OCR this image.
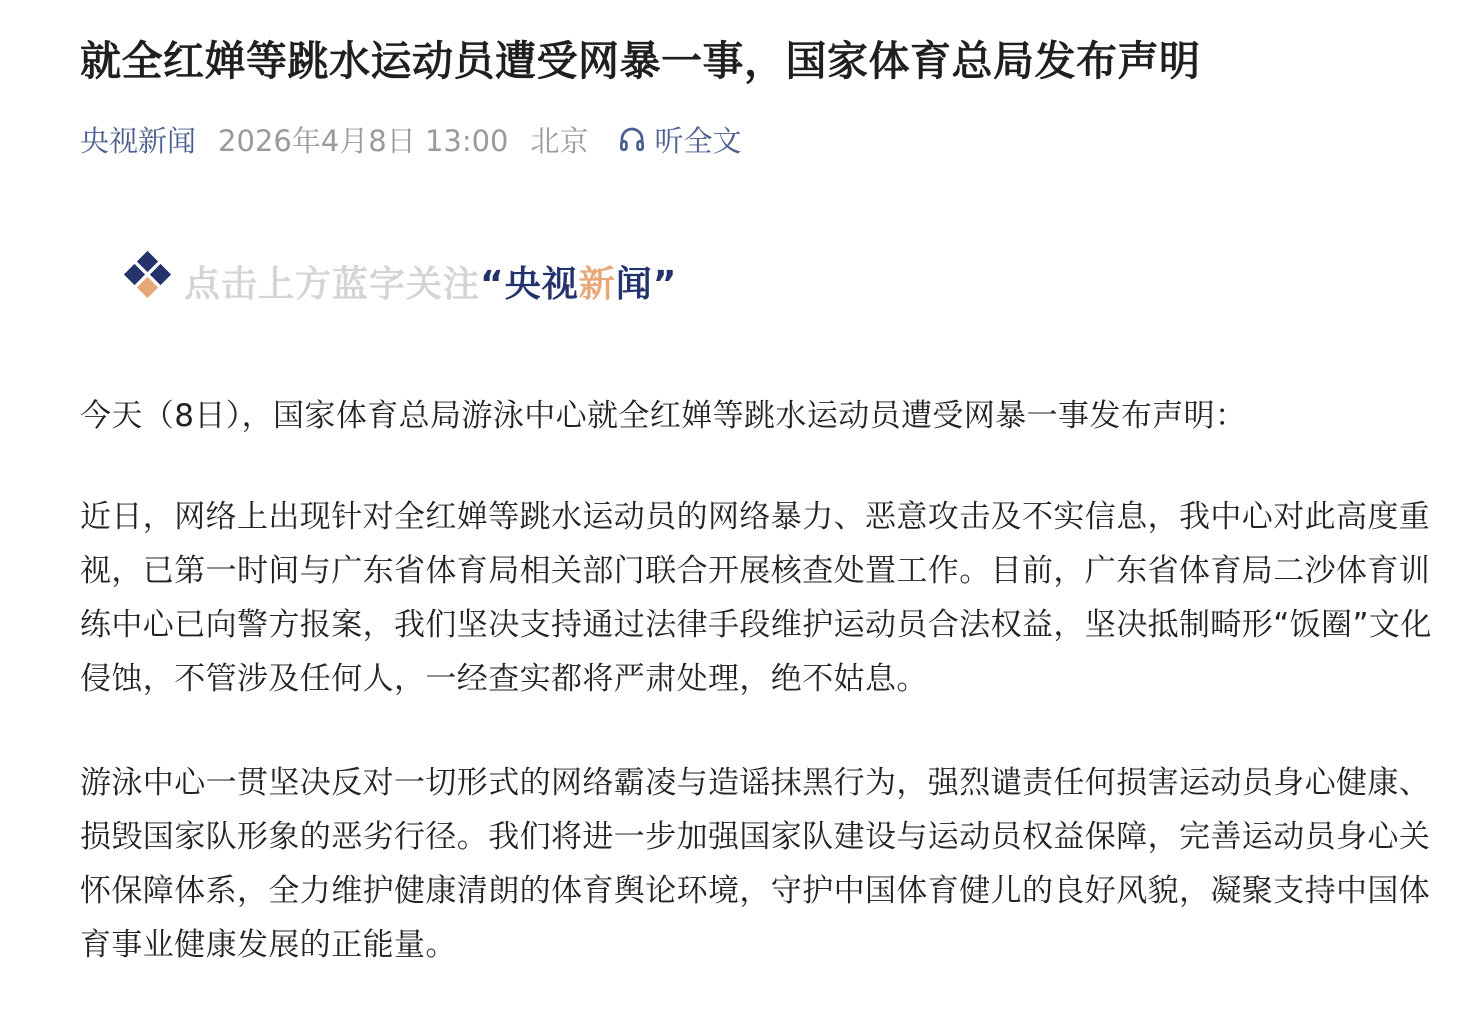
就全红婵等跳水运动员遭受网暴一事，国家体育总局发布声明
央视新闻 2026年4月8日 13:00 北京 听全文
点击上方蓝字关注 “央视新闻”

今天（8日），国家体育总局游泳中心就全红婵等跳水运动员遭受网暴一事发布声明：

近日，网络上出现针对全红婵等跳水运动员的网络暴力、恶意攻击及不实信息，我中心对此高度重视，已第一时间与广东省体育局相关部门联合开展核查处置工作。目前，广东省体育局二沙体育训练中心已向警方报案，我们坚决支持通过法律手段维护运动员合法权益，坚决抵制畸形“饭圈”文化侵蚀，不管涉及任何人，一经查实都将严肃处理，绝不姑息。

游泳中心一贯坚决反对一切形式的网络霸凌与造谣抹黑行为，强烈谴责任何损害运动员身心健康、损毁国家队形象的恶劣行径。我们将进一步加强国家队建设与运动员权益保障，完善运动员身心关怀保障体系，全力维护健康清朗的体育舆论环境，守护中国体育健儿的良好风貌，凝聚支持中国体育事业健康发展的正能量。
